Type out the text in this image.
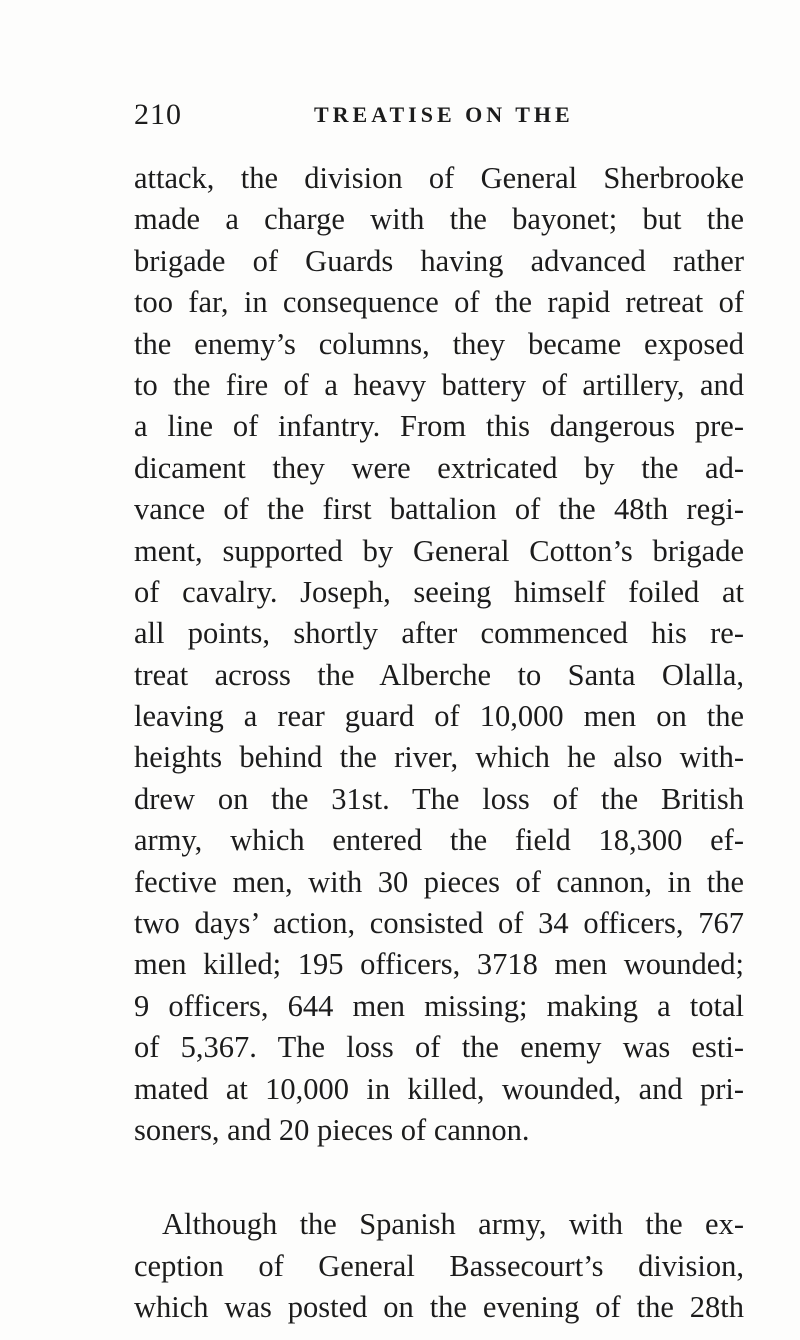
210	TREATISE ON THE
attack, the division of General Sherbrooke
made a charge with the bayonet; but the
brigade of Guards having advanced rather
too far, in consequence of the rapid retreat of
the enemy’s columns, they became exposed
to the fire of a heavy battery of artillery, and
a line of infantry. From this dangerous pre-
dicament they were extricated by the ad-
vance of the first battalion of the 48th regi-
ment, supported by General Cotton’s brigade
of cavalry. Joseph, seeing himself foiled at
all points, shortly after commenced his re-
treat across the Alberche to Santa Olalla,
leaving a rear guard of 10,000 men on the
heights behind the river, which he also with-
drew on the 31st. The loss of the British
army, which entered the field 18,300 ef-
fective men, with 30 pieces of cannon, in the
two days’ action, consisted of 34 officers, 767
men killed; 195 officers, 3718 men wounded;
9 officers, 644 men missing; making a total
of 5,367. The loss of the enemy was esti-
mated at 10,000 in killed, wounded, and pri-
soners, and 20 pieces of cannon.
Although the Spanish army, with the ex-
ception of General Bassecourt’s division,
which was posted on the evening of the 28th
